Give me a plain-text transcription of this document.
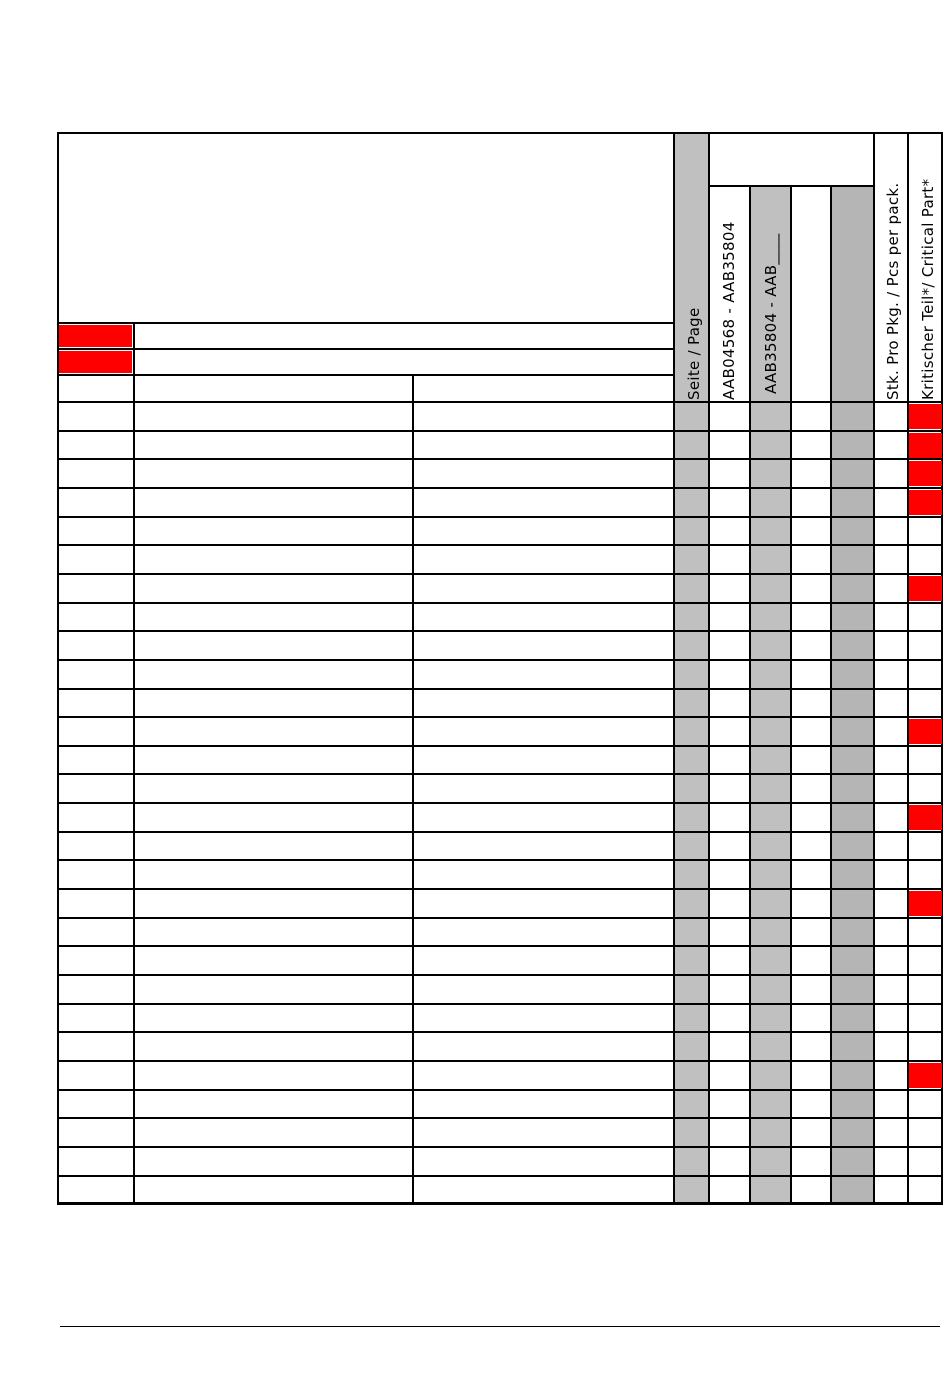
Seite / Page AAB04568 - AAB35804 AAB35804 - AAB____	Stk. Pro Pkg. / Pcs per pack. Kritischer Teil*/ Critical Part*
